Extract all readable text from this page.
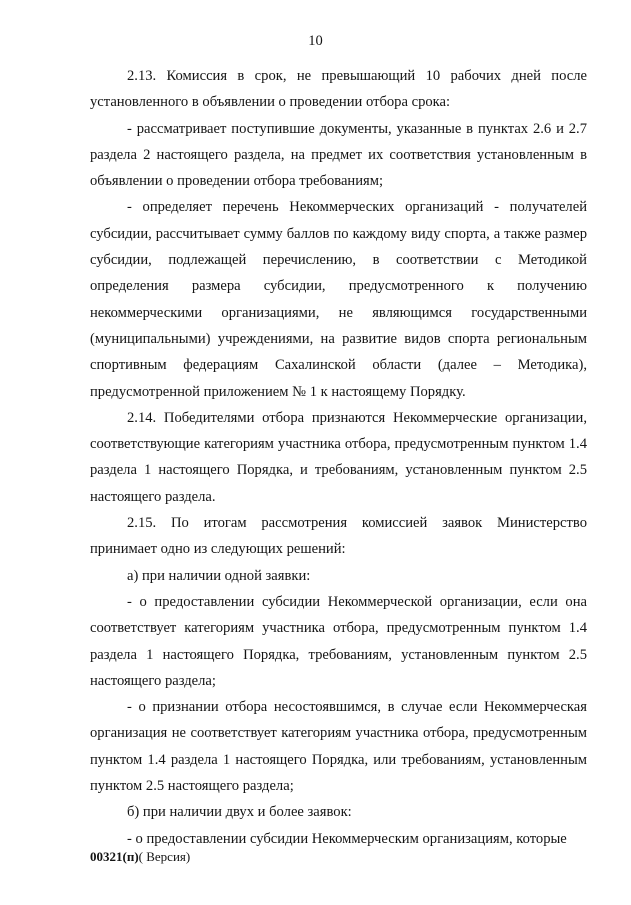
10

2.13. Комиссия в срок, не превышающий 10 рабочих дней после установленного в объявлении о проведении отбора срока:

- рассматривает поступившие документы, указанные в пунктах 2.6 и 2.7 раздела 2 настоящего раздела, на предмет их соответствия установленным в объявлении о проведении отбора требованиям;

- определяет перечень Некоммерческих организаций - получателей субсидии, рассчитывает сумму баллов по каждому виду спорта, а также размер субсидии, подлежащей перечислению, в соответствии с Методикой определения размера субсидии, предусмотренного к получению некоммерческими организациями, не являющимся государственными (муниципальными) учреждениями, на развитие видов спорта региональным спортивным федерациям Сахалинской области (далее – Методика), предусмотренной приложением № 1 к настоящему Порядку.

2.14. Победителями отбора признаются Некоммерческие организации, соответствующие категориям участника отбора, предусмотренным пунктом 1.4 раздела 1 настоящего Порядка, и требованиям, установленным пунктом 2.5 настоящего раздела.

2.15. По итогам рассмотрения комиссией заявок Министерство принимает одно из следующих решений:

а) при наличии одной заявки:

- о предоставлении субсидии Некоммерческой организации, если она соответствует категориям участника отбора, предусмотренным пунктом 1.4 раздела 1 настоящего Порядка, требованиям, установленным пунктом 2.5 настоящего раздела;

- о признании отбора несостоявшимся, в случае если Некоммерческая организация не соответствует категориям участника отбора, предусмотренным пунктом 1.4 раздела 1 настоящего Порядка, или требованиям, установленным пунктом 2.5 настоящего раздела;

б) при наличии двух и более заявок:

- о предоставлении субсидии Некоммерческим организациям, которые

00321(п)( Версия)
